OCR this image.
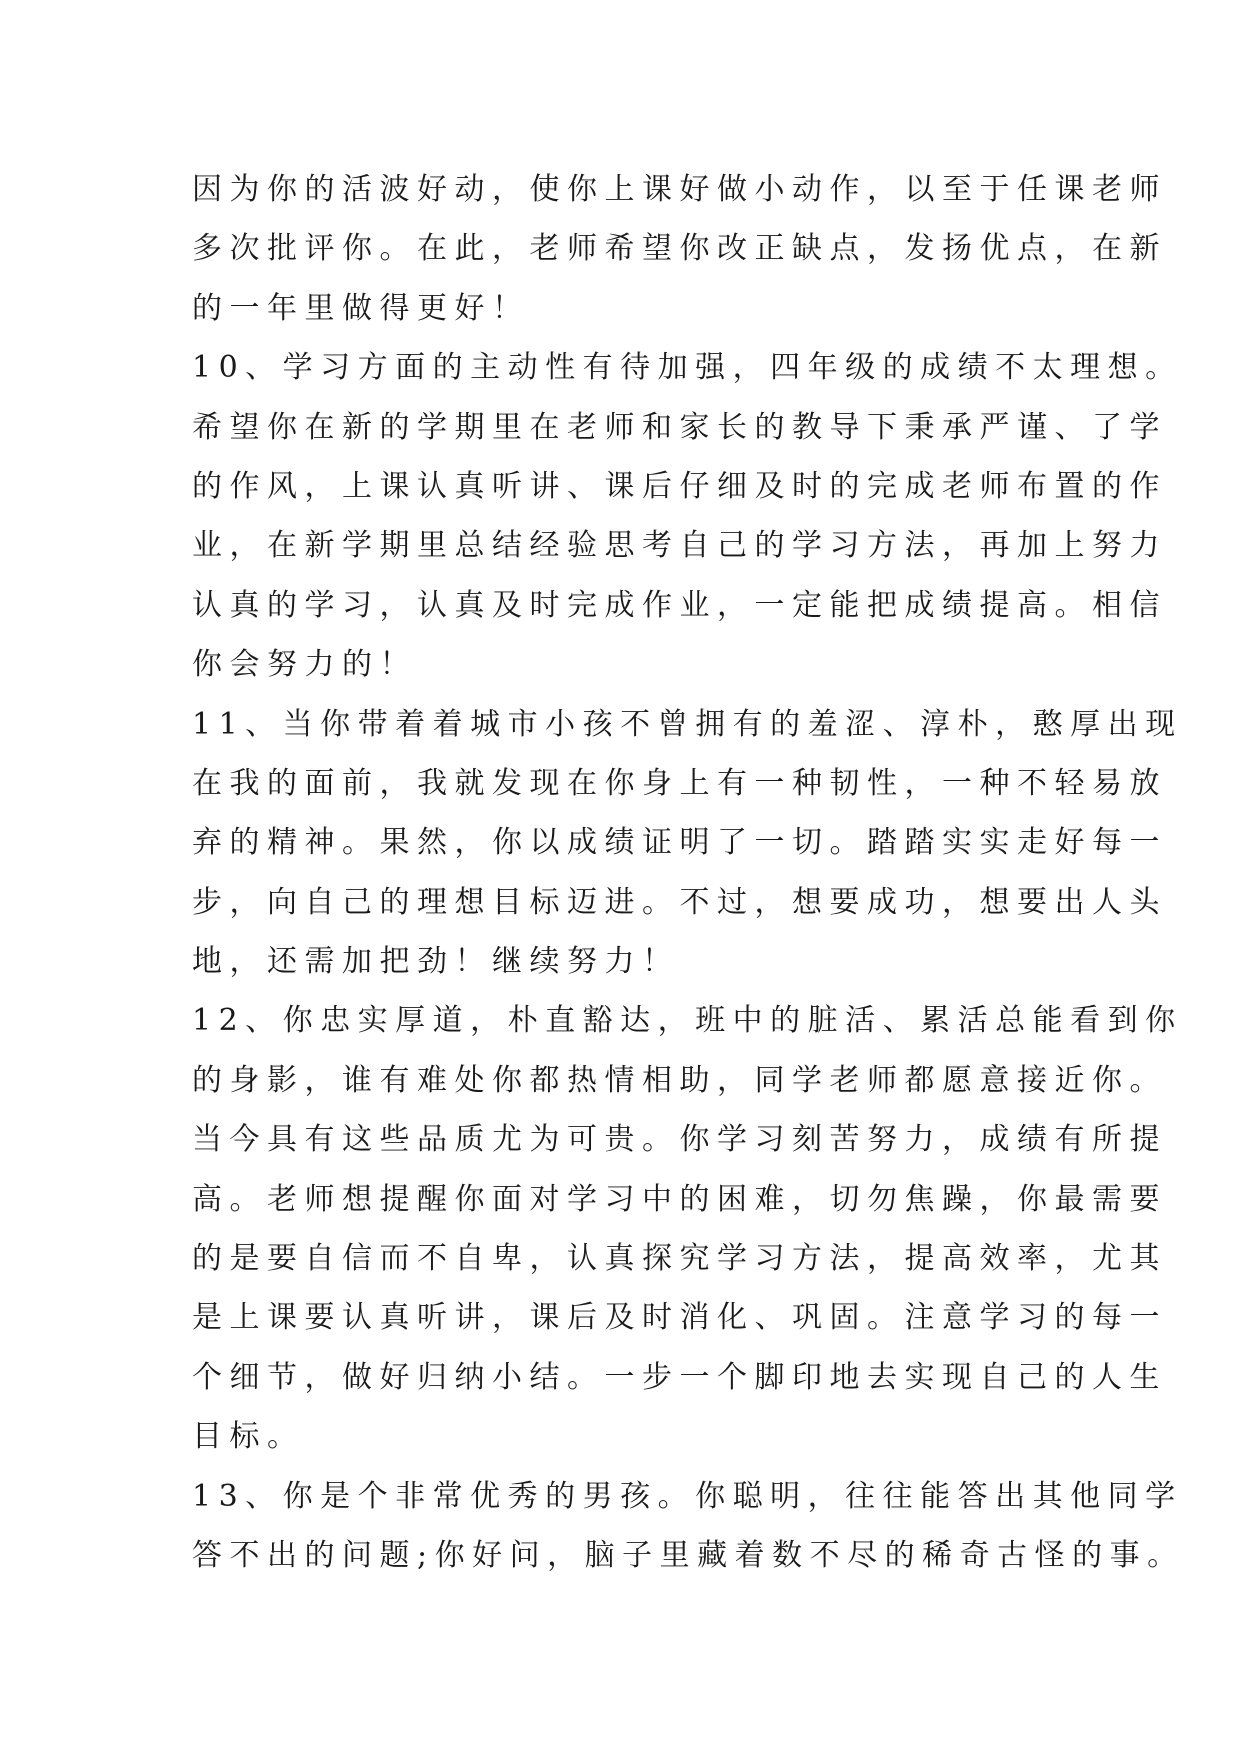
因为你的活波好动，使你上课好做小动作，以至于任课老师
多次批评你。在此，老师希望你改正缺点，发扬优点，在新
的一年里做得更好！
10、学习方面的主动性有待加强，四年级的成绩不太理想。
希望你在新的学期里在老师和家长的教导下秉承严谨、了学
的作风，上课认真听讲、课后仔细及时的完成老师布置的作
业，在新学期里总结经验思考自己的学习方法，再加上努力
认真的学习，认真及时完成作业，一定能把成绩提高。相信
你会努力的！
11、当你带着着城市小孩不曾拥有的羞涩、淳朴，憨厚出现
在我的面前，我就发现在你身上有一种韧性，一种不轻易放
弃的精神。果然，你以成绩证明了一切。踏踏实实走好每一
步，向自己的理想目标迈进。不过，想要成功，想要出人头
地，还需加把劲！继续努力！
12、你忠实厚道，朴直豁达，班中的脏活、累活总能看到你
的身影，谁有难处你都热情相助，同学老师都愿意接近你。
当今具有这些品质尤为可贵。你学习刻苦努力，成绩有所提
高。老师想提醒你面对学习中的困难，切勿焦躁，你最需要
的是要自信而不自卑，认真探究学习方法，提高效率，尤其
是上课要认真听讲，课后及时消化、巩固。注意学习的每一
个细节，做好归纳小结。一步一个脚印地去实现自己的人生
目标。
13、你是个非常优秀的男孩。你聪明，往往能答出其他同学
答不出的问题;你好问，脑子里藏着数不尽的稀奇古怪的事。
